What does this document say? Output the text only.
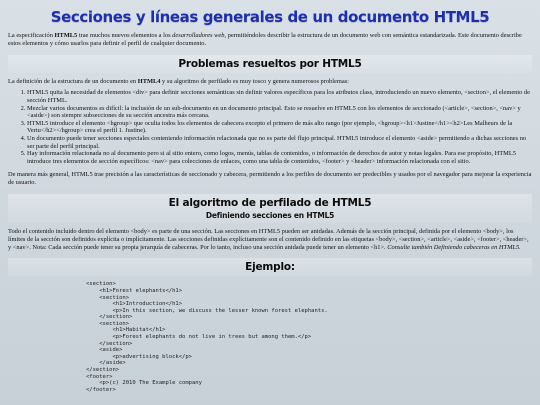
Secciones y líneas generales de un documento HTML5

La especificación HTML5 trae muchos nuevos elementos a los desarrolladores web, permitiéndoles describir la estructura de un documento web con semántica estandarizada. Este documento describe estos elementos y cómo usarlos para definir el perfil de cualquier documento.

Problemas resueltos por HTML5

La definición de la estructura de un documento en HTML4 y su algoritmo de perfilado es muy tosco y genera numerosos problemas:

1. HTML5 quita la necesidad de elementos <div> para definir secciones semánticas sin definir valores específicos para los atributos class, introduciendo un nuevo elemento, <section>, el elemento de sección HTML.
2. Mezclar varios documentos es difícil: la inclusión de un sub-documento en un documento principal. Esto se resuelve en HTML5 con los elementos de seccionado (<article>, <section>, <nav> y <aside>) son siempre subsecciones de su sección ancestra más cercana.
3. HTML5 introduce el elemento <hgroup> que oculta todos los elementos de cabecera excepto el primero de más alto rango (por ejemplo, <hgroup><h1>Justine</h1><h2>Les Malheurs de la Vertu</h2></hgroup> crea el perfil 1. Justine).
4. Un documento puede tener secciones especiales conteniendo información relacionada que no es parte del flujo principal. HTML5 introduce el elemento <aside> permitiendo a dichas secciones no ser parte del perfil principal.
5. Hay información relacionada no al documento pero si al sitio entero, como logos, menús, tablas de contenidos, o información de derechos de autor y notas legales. Para ese propósito, HTML5 introduce tres elementos de sección específicos: <nav> para colecciones de enlaces, como una tabla de contenidos, <footer> y <header> información relacionada con el sitio.

De manera más general, HTML5 trae precisión a las características de seccionado y cabecera, permitiendo a los perfiles de documento ser predecibles y usados por el navegador para mejorar la experiencia de usuario.

El algoritmo de perfilado de HTML5
Definiendo secciones en HTML5

Todo el contenido incluido dentro del elemento <body> es parte de una sección. Las secciones en HTML5 pueden ser anidadas. Además de la sección principal, definida por el elemento <body>, los límites de la sección son definidos explícita o implícitamente. Las secciones definidas explícitamente son el contenido definido en las etiquetas <body>, <section>, <article>, <aside>, <footer>, <header>, y <nav>. Nota: Cada sección puede tener su propia jerarquía de cabeceras. Por lo tanto, incluso una sección anidada puede tener un elemento <h1>. Consulte también Definiendo cabeceras en HTML5.

Ejemplo:
<section>
<h1>Forest elephants</h1>
<section>
<h1>Introduction</h1>
<p>In this section, we discuss the lesser known forest elephants.
</section>
<section>
<h1>Habitat</h1>
<p>Forest elephants do not live in trees but among them.</p>
</section>
<aside>
<p>advertising block</p>
</aside>
</section>
<footer>
<p>(c) 2010 The Example company
</footer>
